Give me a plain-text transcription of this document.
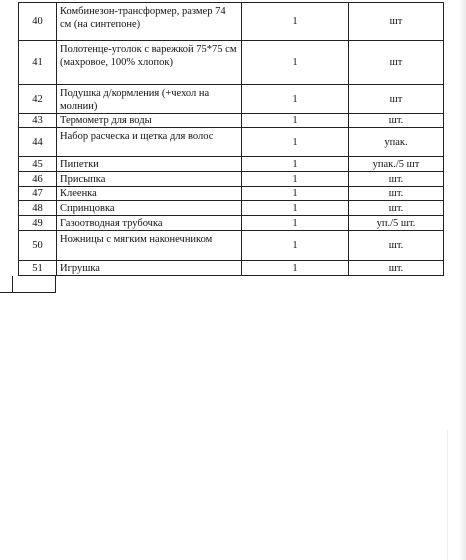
40	Комбинезон-трансформер, размер 74 см (на синтепоне)	1	шт
41	Полотенце-уголок с варежкой 75*75 см (махровое, 100% хлопок)	1	шт
42	Подушка д/кормления (+чехол на молнии)	1	шт
43	Термометр для воды	1	шт.
44	Набор расческа и щетка для волос	1	упак.
45	Пипетки	1	упак./5 шт
46	Присыпка	1	шт.
47	Клеенка	1	шт.
48	Спринцовка	1	шт.
49	Газоотводная трубочка	1	уп./5 шт.
50	Ножницы с мягким наконечником	1	шт.
51	Игрушка	1	шт.
